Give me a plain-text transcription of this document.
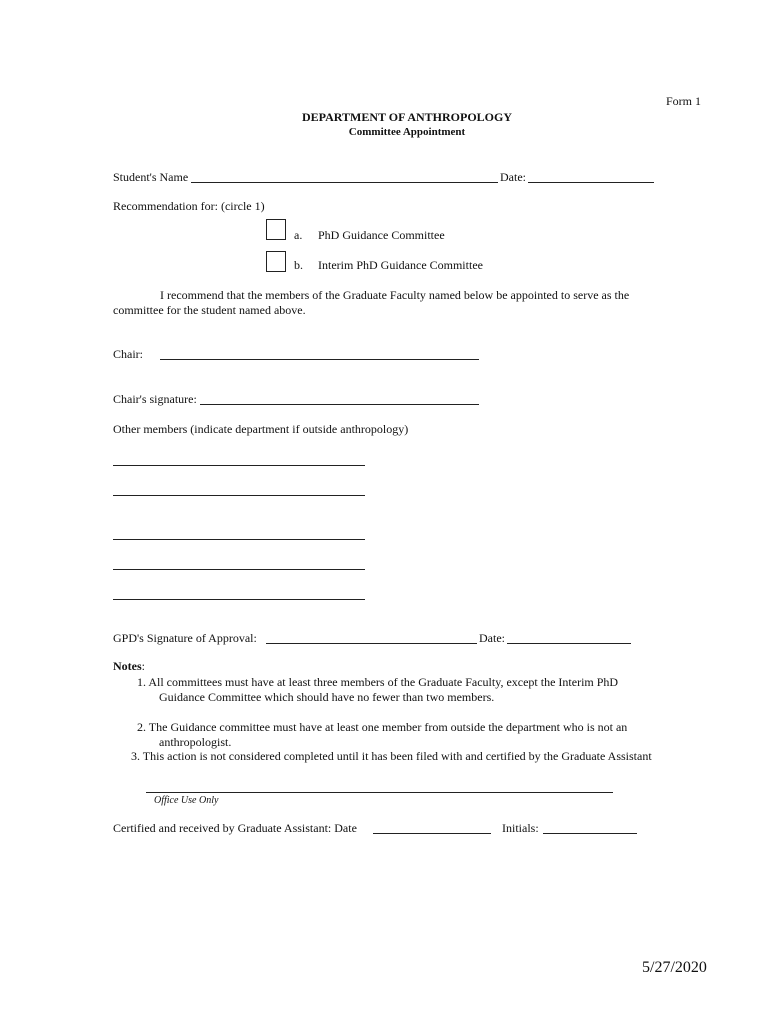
Form 1
DEPARTMENT OF ANTHROPOLOGY
Committee Appointment
Student's Name	Date:
Recommendation for: (circle 1)
a. PhD Guidance Committee
b. Interim PhD Guidance Committee
I recommend that the members of the Graduate Faculty named below be appointed to serve as the
committee for the student named above.
Chair:
Chair's signature:
Other members (indicate department if outside anthropology)
GPD's Signature of Approval:	Date:
Notes:
1. All committees must have at least three members of the Graduate Faculty, except the Interim PhD
Guidance Committee which should have no fewer than two members.
2. The Guidance committee must have at least one member from outside the department who is not an
anthropologist.
3. This action is not considered completed until it has been filed with and certified by the Graduate Assistant
Office Use Only
Certified and received by Graduate Assistant: Date	Initials:
5/27/2020
